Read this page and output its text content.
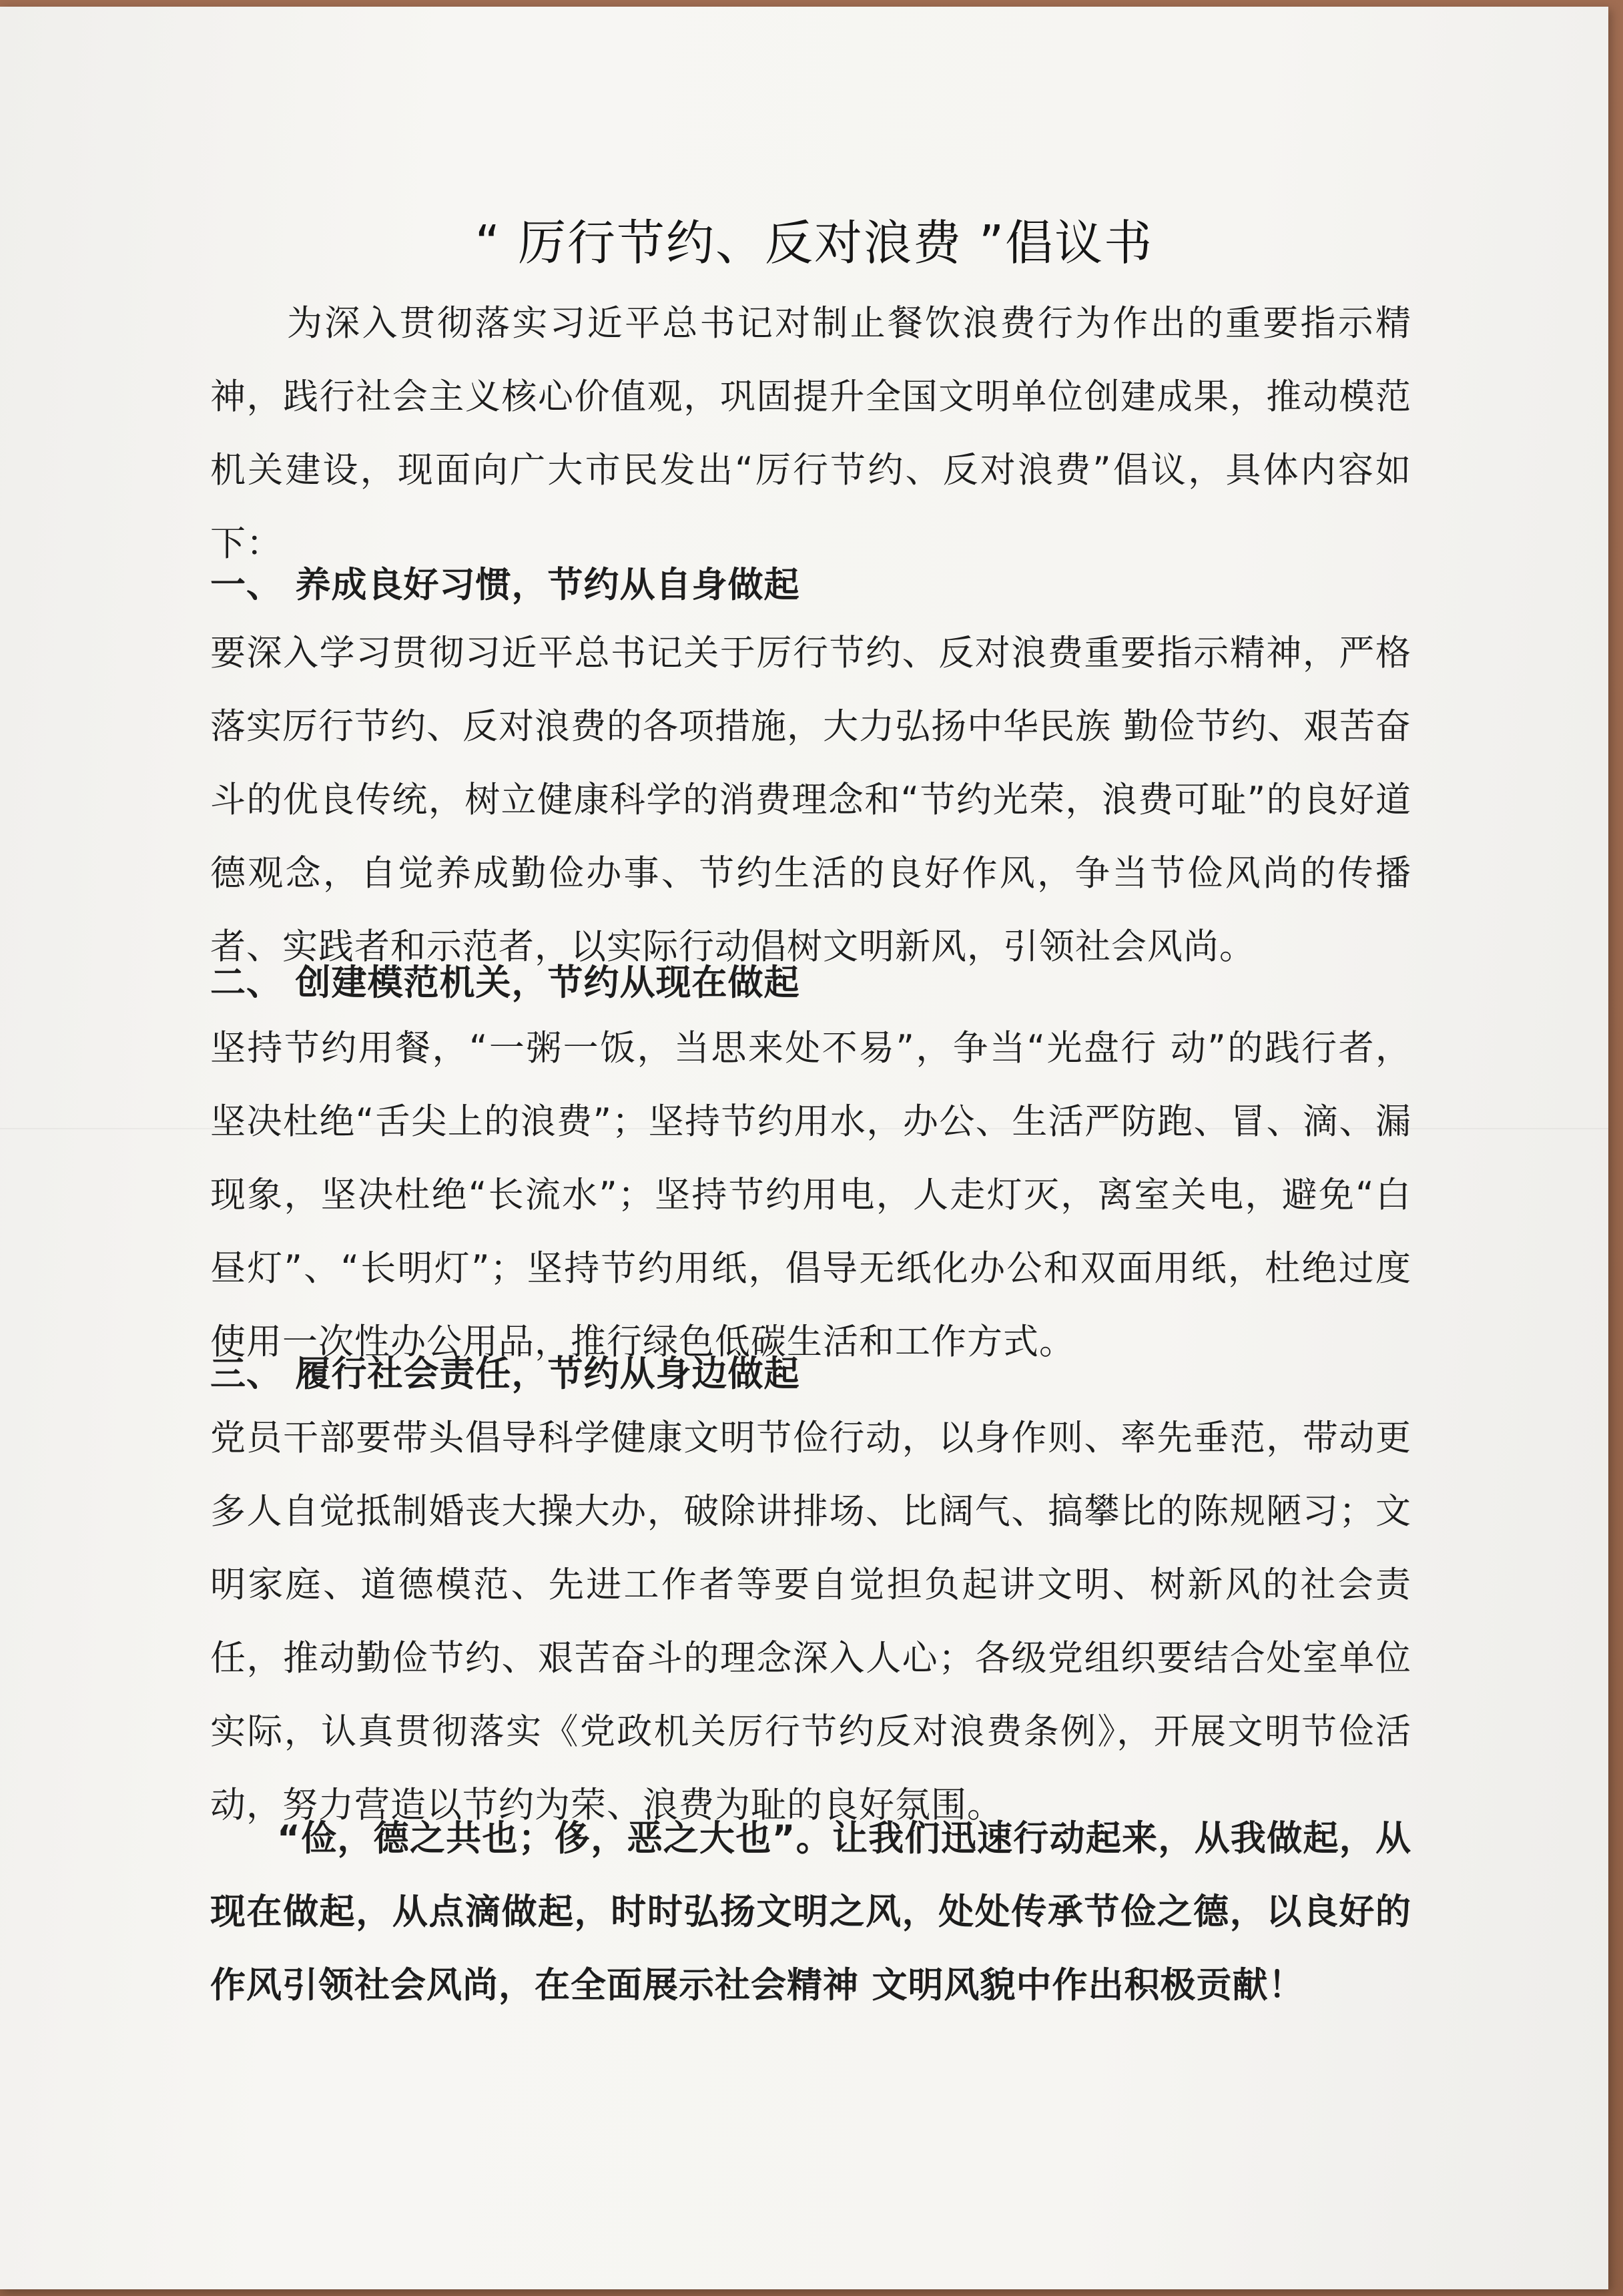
“ 厉行节约、反对浪费 ”倡议书
为深入贯彻落实习近平总书记对制止餐饮浪费行为作出的重要指示精神，践行社会主义核心价值观，巩固提升全国文明单位创建成果，推动模范机关建设，现面向广大市民发出“厉行节约、反对浪费”倡议，具体内容如下：
一、 养成良好习惯，节约从自身做起
要深入学习贯彻习近平总书记关于厉行节约、反对浪费重要指示精神，严格落实厉行节约、反对浪费的各项措施，大力弘扬中华民族 勤俭节约、艰苦奋斗的优良传统，树立健康科学的消费理念和“节约光荣，浪费可耻”的良好道德观念，自觉养成勤俭办事、节约生活的良好作风，争当节俭风尚的传播者、实践者和示范者，以实际行动倡树文明新风，引领社会风尚。
二、 创建模范机关，节约从现在做起
坚持节约用餐，“一粥一饭，当思来处不易”，争当“光盘行 动”的践行者，坚决杜绝“舌尖上的浪费”；坚持节约用水，办公、生活严防跑、冒、滴、漏现象，坚决杜绝“长流水”；坚持节约用电，人走灯灭，离室关电，避免“白昼灯”、“长明灯”；坚持节约用纸，倡导无纸化办公和双面用纸，杜绝过度使用一次性办公用品，推行绿色低碳生活和工作方式。
三、 履行社会责任，节约从身边做起
党员干部要带头倡导科学健康文明节俭行动，以身作则、率先垂范，带动更多人自觉抵制婚丧大操大办，破除讲排场、比阔气、搞攀比的陈规陋习；文明家庭、道德模范、先进工作者等要自觉担负起讲文明、树新风的社会责任，推动勤俭节约、艰苦奋斗的理念深入人心；各级党组织要结合处室单位实际，认真贯彻落实《党政机关厉行节约反对浪费条例》，开展文明节俭活动，努力营造以节约为荣、浪费为耻的良好氛围。
“俭，德之共也；侈，恶之大也”。让我们迅速行动起来，从我做起，从现在做起，从点滴做起，时时弘扬文明之风，处处传承节俭之德，以良好的作风引领社会风尚，在全面展示社会精神 文明风貌中作出积极贡献！
